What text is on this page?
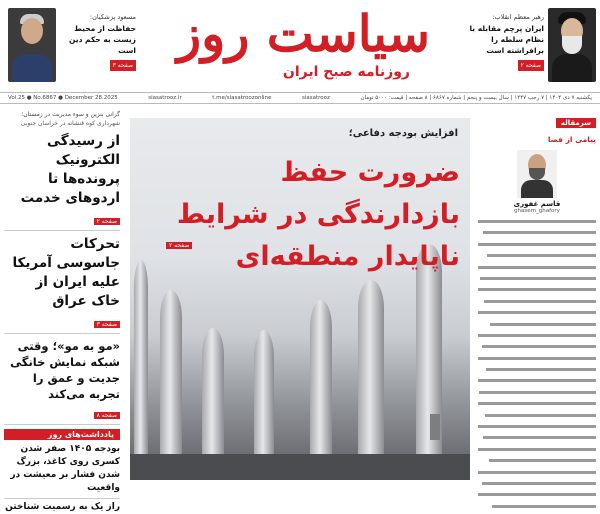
رهبر معظم انقلاب:
ایران پرچم مقابله با نظام سلطه را برافراشته است
صفحه ۲
سیاست روز
روزنامه صبح ایران
مسعود پزشکیان:
حفاظت از محیط زیست به حکم دین است
صفحه ۳
یکشنبه ۷ دی ۱۴۰۴ | ۷ رجب ۱۴۴۷ | سال بیست و پنجم | شماره ۶۸۶۷ | ۸ صفحه | قیمت: ۵۰۰۰ تومان
siasatrooz
t.me/siasatroozonline
siasatrooz.ir
Vol.25 ● No.6867 ● December 28.2025
گرانی بنزین و سوء مدیریت در زمستان؛
شهرداری کوه قنشانه در خراسان جنوبی
از رسیدگی الکترونیک پرونده‌ها تا اردوهای خدمت
صفحه ۲
تحرکات جاسوسی آمریکا علیه ایران از خاک عراق
صفحه ۳
«مو به مو»؛ وقتی شبکه نمایش خانگی جدیت و عمق را تجربه می‌کند
صفحه ۸
یادداشت‌های روز
بودجه ۱۴۰۵ صفر شدن کسری روی کاغذ، بزرگ شدن فشار بر معیشت در واقعیت
راز یک به رسمیت شناختن
افزایش بودجه دفاعی؛
ضرورت حفظ بازدارندگی در شرایط ناپایدار منطقه‌ای
صفحه ۲
سرمقاله
پیامی از فضا
قاسم غفوری
ghasem_ghafory
